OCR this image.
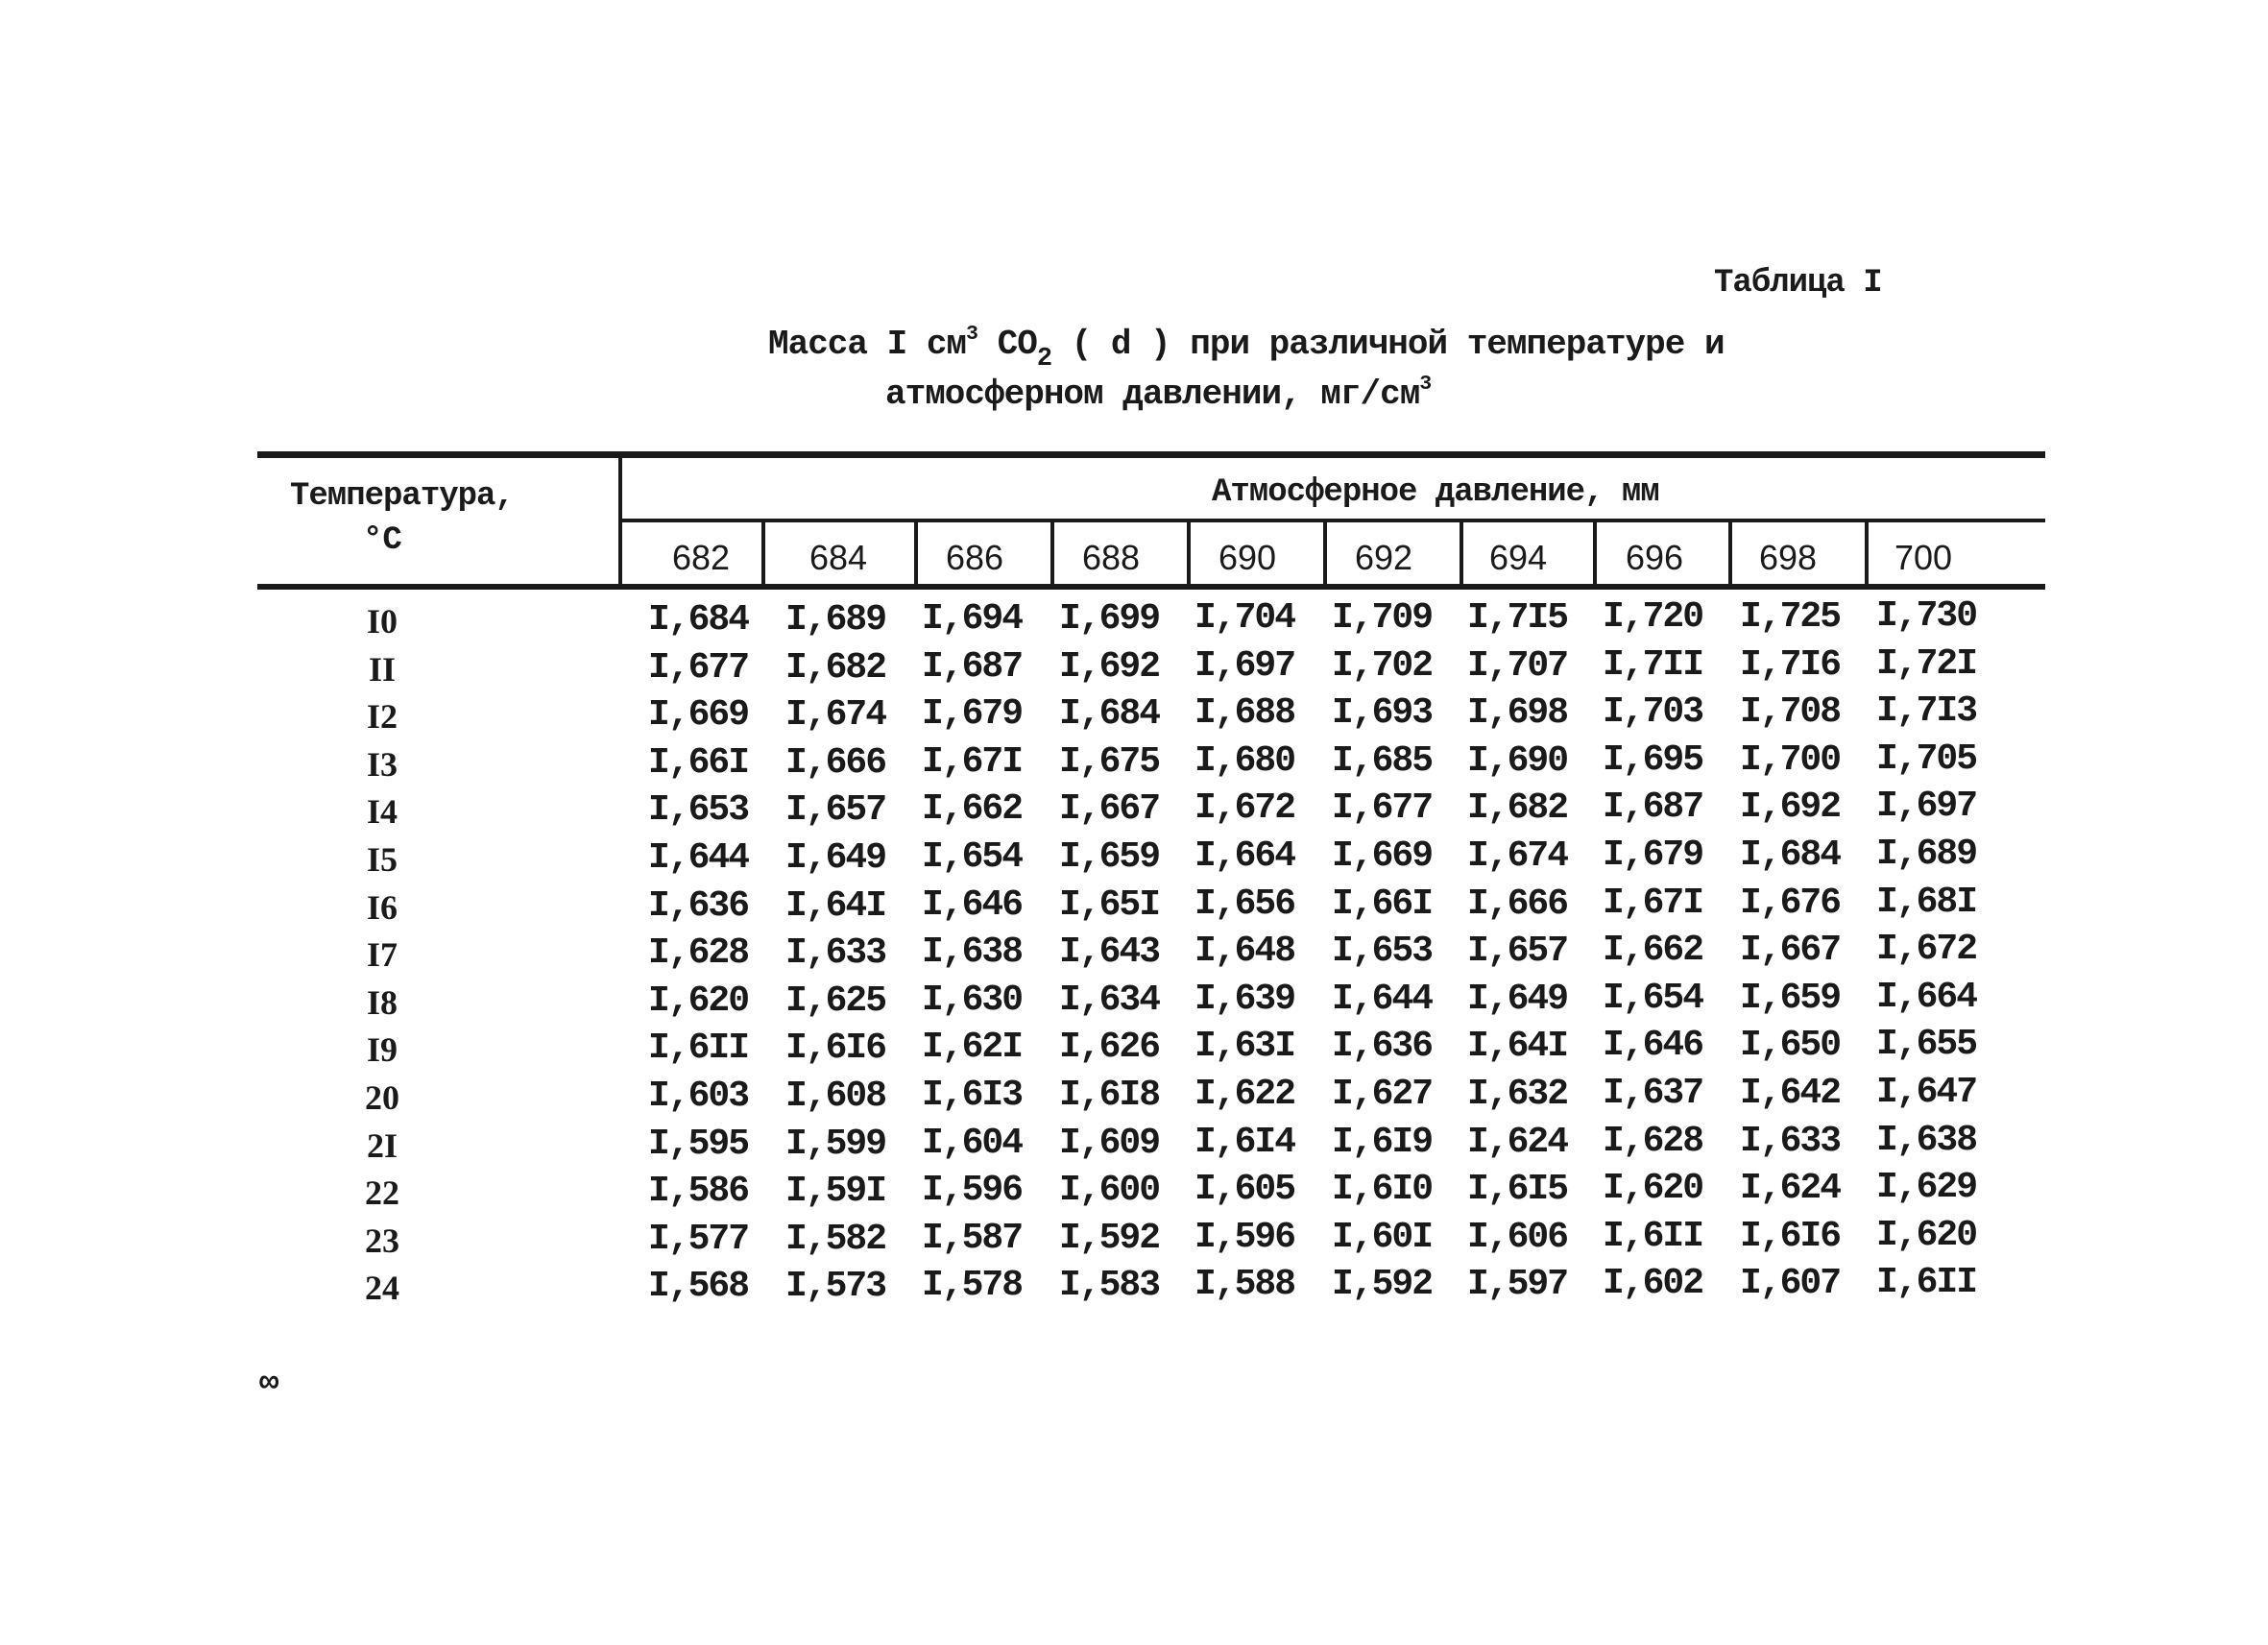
Таблица I
Масса I $см^3$ $СО_2$ ( d ) при различной температуре и
атмосферном давлении, $мг/см^3$
Температура,
°С
Атмосферное давление, мм
682	684	686	688	690	692	694	696	698	700
I0	I,684 I,689 I,694 I,699 I,704 I,709 I,7I5 I,720 I,725 I,730
II	I,677 I,682 I,687 I,692 I,697 I,702 I,707 I,7II I,7I6 I,72I
I2	I,669 I,674 I,679 I,684 I,688 I,693 I,698 I,703 I,708 I,7I3
I3	I,66I I,666 I,67I I,675 I,680 I,685 I,690 I,695 I,700 I,705
I4	I,653 I,657 I,662 I,667 I,672 I,677 I,682 I,687 I,692 I,697
I5	I,644 I,649 I,654 I,659 I,664 I,669 I,674 I,679 I,684 I,689
I6	I,636 I,64I I,646 I,65I I,656 I,66I I,666 I,67I I,676 I,68I
I7	I,628 I,633 I,638 I,643 I,648 I,653 I,657 I,662 I,667 I,672
I8	I,620 I,625 I,630 I,634 I,639 I,644 I,649 I,654 I,659 I,664
I9	I,6II I,6I6 I,62I I,626 I,63I I,636 I,64I I,646 I,650 I,655
20	I,603 I,608 I,6I3 I,6I8 I,622 I,627 I,632 I,637 I,642 I,647
2I	I,595 I,599 I,604 I,609 I,6I4 I,6I9 I,624 I,628 I,633 I,638
22	I,586 I,59I I,596 I,600 I,605 I,6I0 I,6I5 I,620 I,624 I,629
23	I,577 I,582 I,587 I,592 I,596 I,60I I,606 I,6II I,6I6 I,620
24	I,568 I,573 I,578 I,583 I,588 I,592 I,597 I,602 I,607 I,6II
∞
